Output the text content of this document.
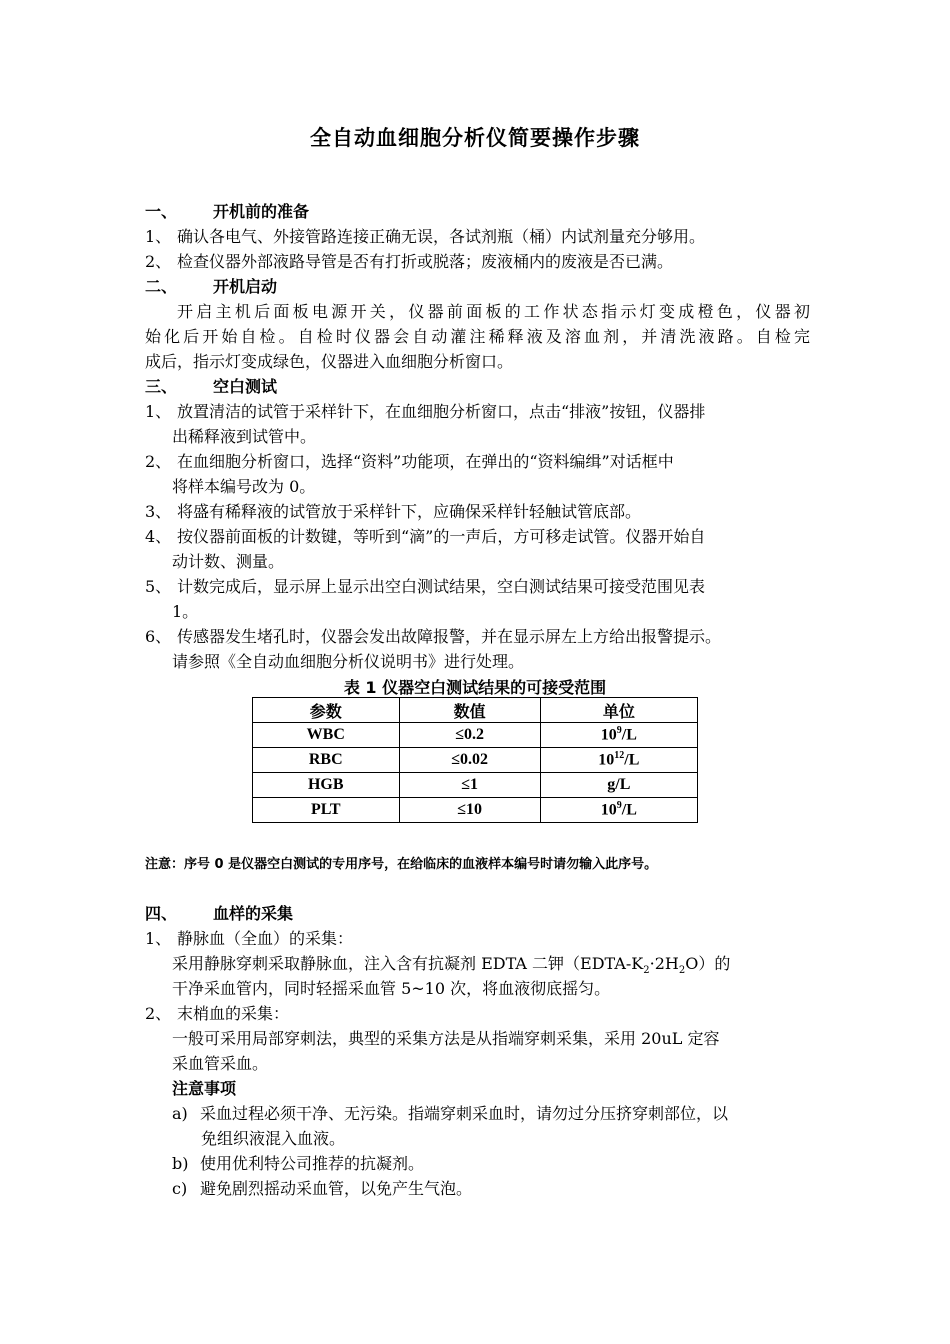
全自动血细胞分析仪简要操作步骤
一、 开机前的准备
1、 确认各电气、外接管路连接正确无误，各试剂瓶（桶）内试剂量充分够用。
2、 检查仪器外部液路导管是否有打折或脱落；废液桶内的废液是否已满。
二、 开机启动
开启主机后面板电源开关，仪器前面板的工作状态指示灯变成橙色，仪器初
始化后开始自检。自检时仪器会自动灌注稀释液及溶血剂，并清洗液路。自检完
成后，指示灯变成绿色，仪器进入血细胞分析窗口。
三、 空白测试
1、 放置清洁的试管于采样针下，在血细胞分析窗口，点击“排液”按钮，仪器排
出稀释液到试管中。
2、 在血细胞分析窗口，选择“资料”功能项，在弹出的“资料编缉”对话框中
将样本编号改为 0。
3、 将盛有稀释液的试管放于采样针下，应确保采样针轻触试管底部。
4、 按仪器前面板的计数键，等听到“滴”的一声后，方可移走试管。仪器开始自
动计数、测量。
5、 计数完成后，显示屏上显示出空白测试结果，空白测试结果可接受范围见表
1。
6、 传感器发生堵孔时，仪器会发出故障报警，并在显示屏左上方给出报警提示。
请参照《全自动血细胞分析仪说明书》进行处理。
表 1 仪器空白测试结果的可接受范围
参数	数值	单位
WBC	≤0.2	$10^9/L$
RBC	≤0.02	$10^{12}/L$
HGB	≤1	g/L
PLT	≤10	$10^9/L$
注意：序号 0 是仪器空白测试的专用序号，在给临床的血液样本编号时请勿输入此序号。
四、 血样的采集
1、 静脉血（全血）的采集：
采用静脉穿刺采取静脉血，注入含有抗凝剂 EDTA 二钾$(EDTA-K_2\cdot 2H_2O)$的
干净采血管内，同时轻摇采血管 5~10 次，将血液彻底摇匀。
2、 末梢血的采集：
一般可采用局部穿刺法，典型的采集方法是从指端穿刺采集，采用 20uL 定容
采血管采血。
注意事项
a) 采血过程必须干净、无污染。指端穿刺采血时，请勿过分压挤穿刺部位，以
免组织液混入血液。
b) 使用优利特公司推荐的抗凝剂。
c) 避免剧烈摇动采血管，以免产生气泡。
